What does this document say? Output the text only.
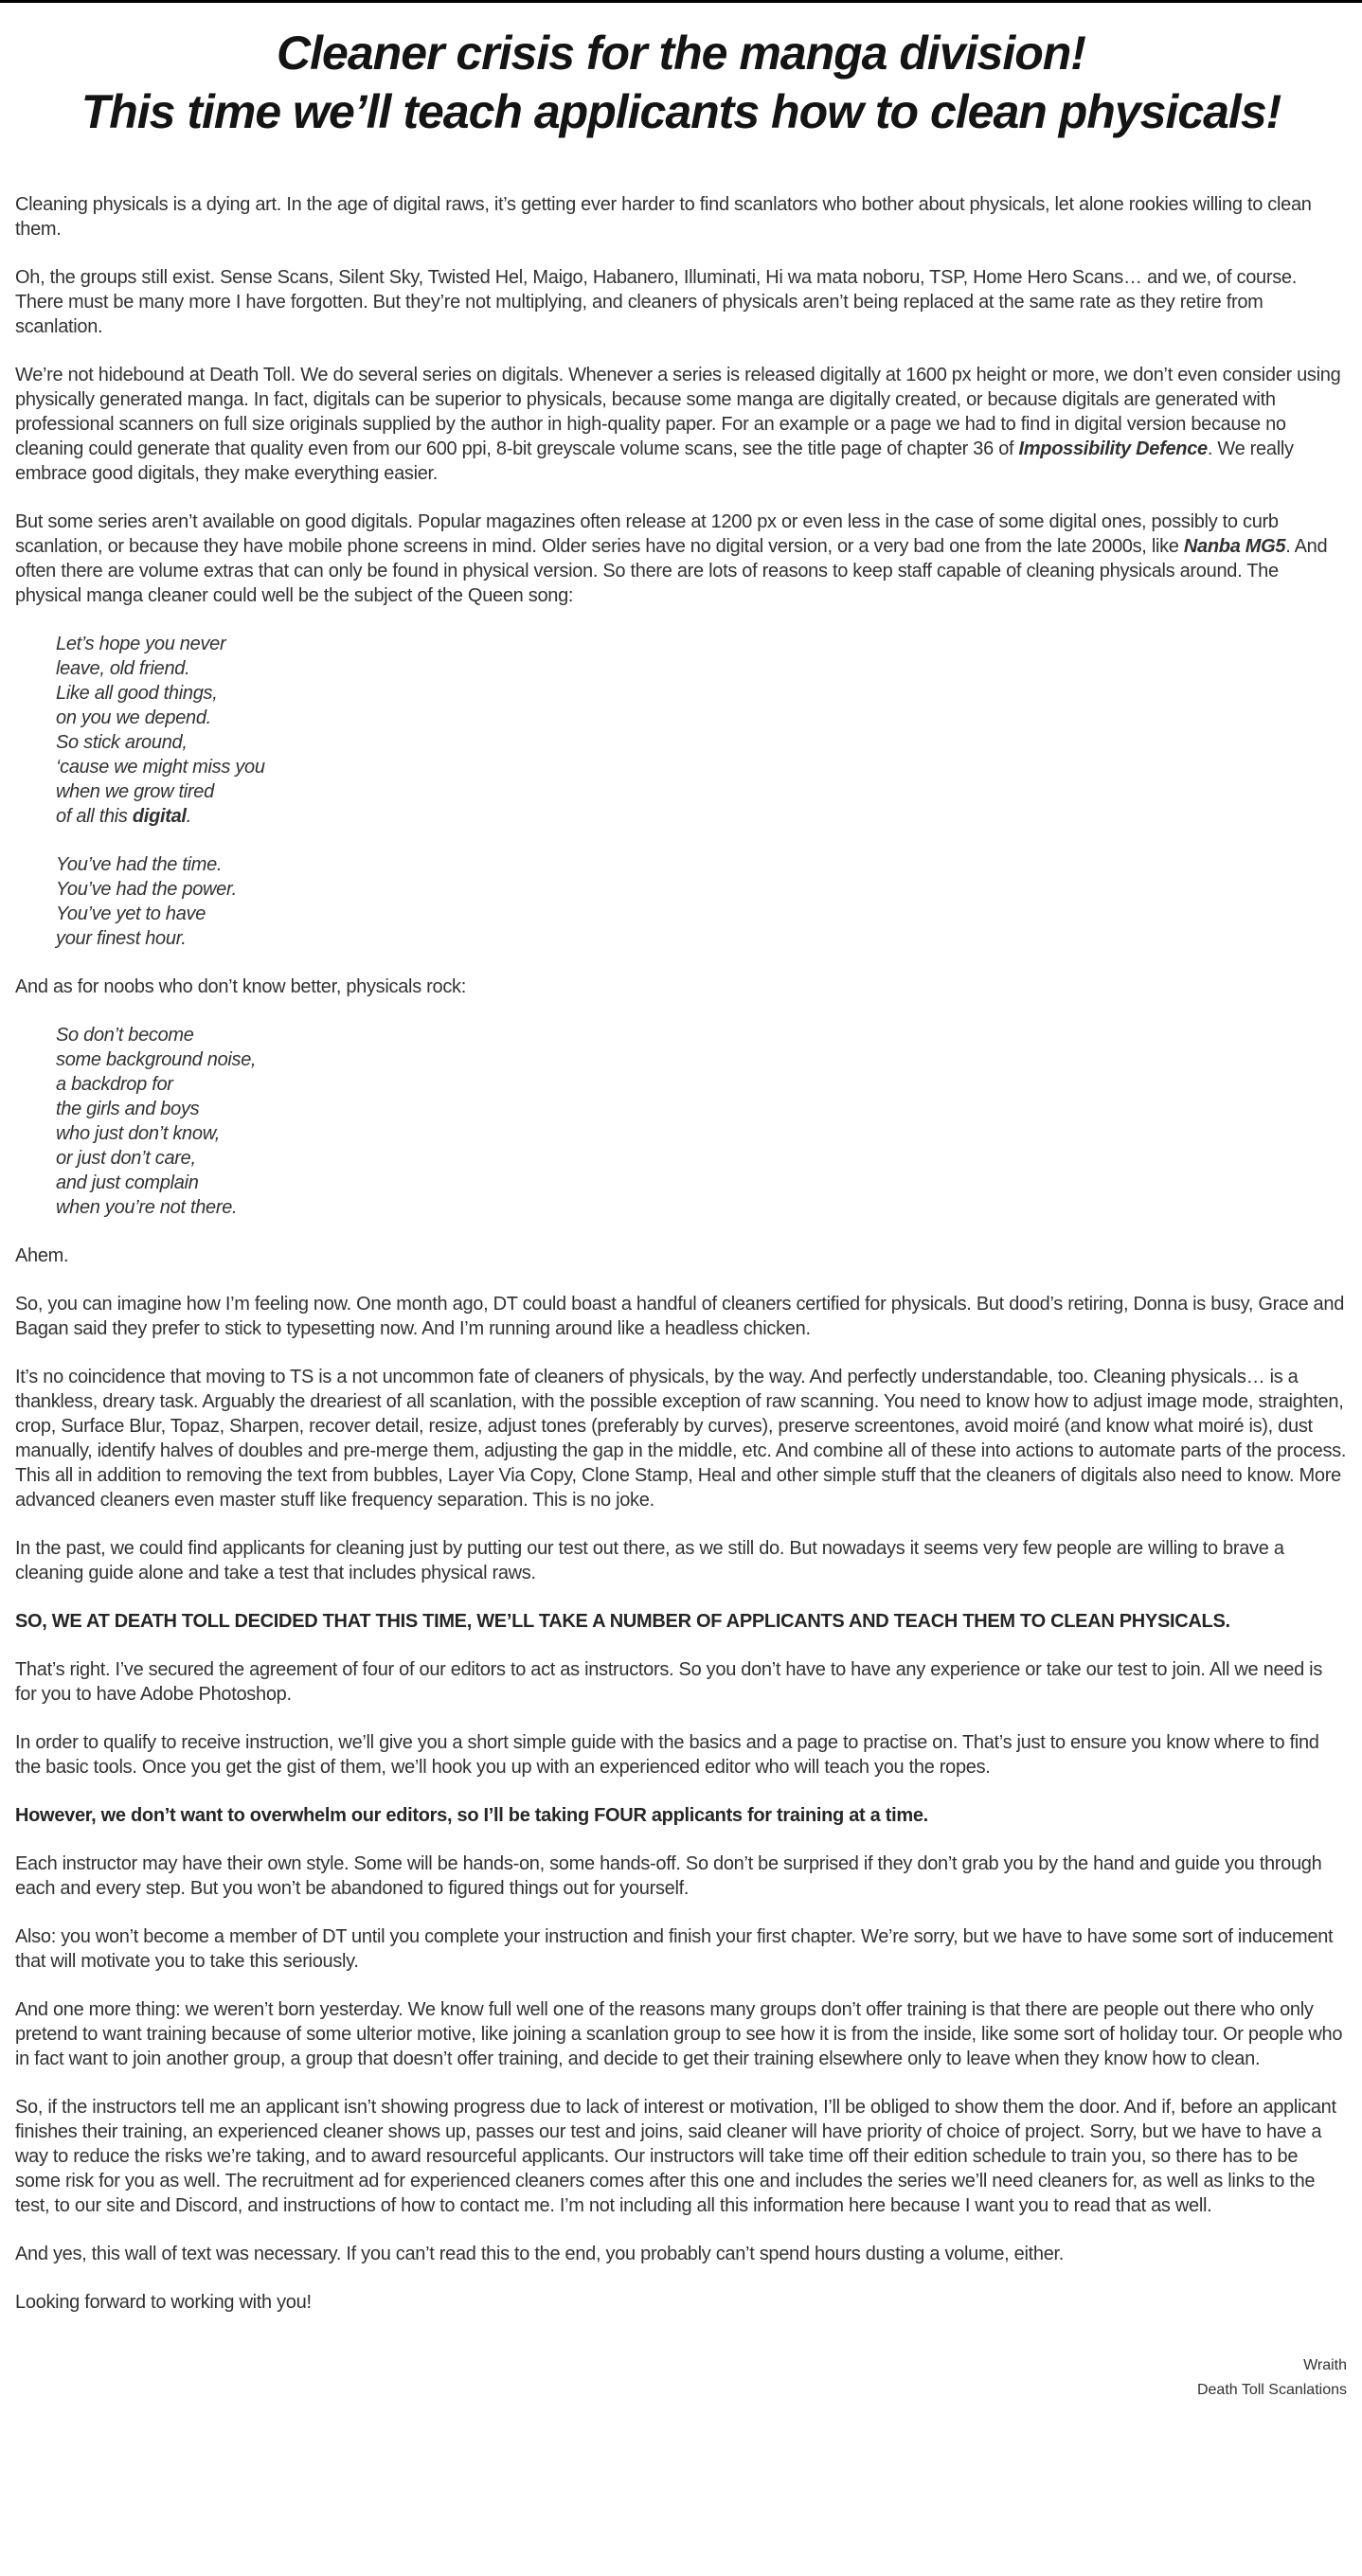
Cleaner crisis for the manga division!
This time we’ll teach applicants how to clean physicals!

Cleaning physicals is a dying art. In the age of digital raws, it’s getting ever harder to find scanlators who bother about physicals, let alone rookies willing to clean them.

Oh, the groups still exist. Sense Scans, Silent Sky, Twisted Hel, Maigo, Habanero, Illuminati, Hi wa mata noboru, TSP, Home Hero Scans… and we, of course. There must be many more I have forgotten. But they’re not multiplying, and cleaners of physicals aren’t being replaced at the same rate as they retire from scanlation.

We’re not hidebound at Death Toll. We do several series on digitals. Whenever a series is released digitally at 1600 px height or more, we don’t even consider using physically generated manga. In fact, digitals can be superior to physicals, because some manga are digitally created, or because digitals are generated with professional scanners on full size originals supplied by the author in high-quality paper. For an example or a page we had to find in digital version because no cleaning could generate that quality even from our 600 ppi, 8-bit greyscale volume scans, see the title page of chapter 36 of Impossibility Defence. We really embrace good digitals, they make everything easier.

But some series aren’t available on good digitals. Popular magazines often release at 1200 px or even less in the case of some digital ones, possibly to curb scanlation, or because they have mobile phone screens in mind. Older series have no digital version, or a very bad one from the late 2000s, like Nanba MG5. And often there are volume extras that can only be found in physical version. So there are lots of reasons to keep staff capable of cleaning physicals around. The physical manga cleaner could well be the subject of the Queen song:

Let’s hope you never
leave, old friend.
Like all good things,
on you we depend.
So stick around,
‘cause we might miss you
when we grow tired
of all this digital.
You’ve had the time.
You’ve had the power.
You’ve yet to have
your finest hour.

And as for noobs who don’t know better, physicals rock:

So don’t become
some background noise,
a backdrop for
the girls and boys
who just don’t know,
or just don’t care,
and just complain
when you’re not there.

Ahem.

So, you can imagine how I’m feeling now. One month ago, DT could boast a handful of cleaners certified for physicals. But dood’s retiring, Donna is busy, Grace and Bagan said they prefer to stick to typesetting now. And I’m running around like a headless chicken.

It’s no coincidence that moving to TS is a not uncommon fate of cleaners of physicals, by the way. And perfectly understandable, too. Cleaning physicals… is a thankless, dreary task. Arguably the dreariest of all scanlation, with the possible exception of raw scanning. You need to know how to adjust image mode, straighten, crop, Surface Blur, Topaz, Sharpen, recover detail, resize, adjust tones (preferably by curves), preserve screentones, avoid moiré (and know what moiré is), dust manually, identify halves of doubles and pre-merge them, adjusting the gap in the middle, etc. And combine all of these into actions to automate parts of the process. This all in addition to removing the text from bubbles, Layer Via Copy, Clone Stamp, Heal and other simple stuff that the cleaners of digitals also need to know. More advanced cleaners even master stuff like frequency separation. This is no joke.

In the past, we could find applicants for cleaning just by putting our test out there, as we still do. But nowadays it seems very few people are willing to brave a cleaning guide alone and take a test that includes physical raws.

SO, WE AT DEATH TOLL DECIDED THAT THIS TIME, WE’LL TAKE A NUMBER OF APPLICANTS AND TEACH THEM TO CLEAN PHYSICALS.

That’s right. I’ve secured the agreement of four of our editors to act as instructors. So you don’t have to have any experience or take our test to join. All we need is for you to have Adobe Photoshop.

In order to qualify to receive instruction, we’ll give you a short simple guide with the basics and a page to practise on. That’s just to ensure you know where to find the basic tools. Once you get the gist of them, we’ll hook you up with an experienced editor who will teach you the ropes.

However, we don’t want to overwhelm our editors, so I’ll be taking FOUR applicants for training at a time.

Each instructor may have their own style. Some will be hands-on, some hands-off. So don’t be surprised if they don’t grab you by the hand and guide you through each and every step. But you won’t be abandoned to figured things out for yourself.

Also: you won’t become a member of DT until you complete your instruction and finish your first chapter. We’re sorry, but we have to have some sort of inducement that will motivate you to take this seriously.

And one more thing: we weren’t born yesterday. We know full well one of the reasons many groups don’t offer training is that there are people out there who only pretend to want training because of some ulterior motive, like joining a scanlation group to see how it is from the inside, like some sort of holiday tour. Or people who in fact want to join another group, a group that doesn’t offer training, and decide to get their training elsewhere only to leave when they know how to clean.

So, if the instructors tell me an applicant isn’t showing progress due to lack of interest or motivation, I’ll be obliged to show them the door. And if, before an applicant finishes their training, an experienced cleaner shows up, passes our test and joins, said cleaner will have priority of choice of project. Sorry, but we have to have a way to reduce the risks we’re taking, and to award resourceful applicants. Our instructors will take time off their edition schedule to train you, so there has to be some risk for you as well. The recruitment ad for experienced cleaners comes after this one and includes the series we’ll need cleaners for, as well as links to the test, to our site and Discord, and instructions of how to contact me. I’m not including all this information here because I want you to read that as well.

And yes, this wall of text was necessary. If you can’t read this to the end, you probably can’t spend hours dusting a volume, either.

Looking forward to working with you!

Wraith
Death Toll Scanlations
